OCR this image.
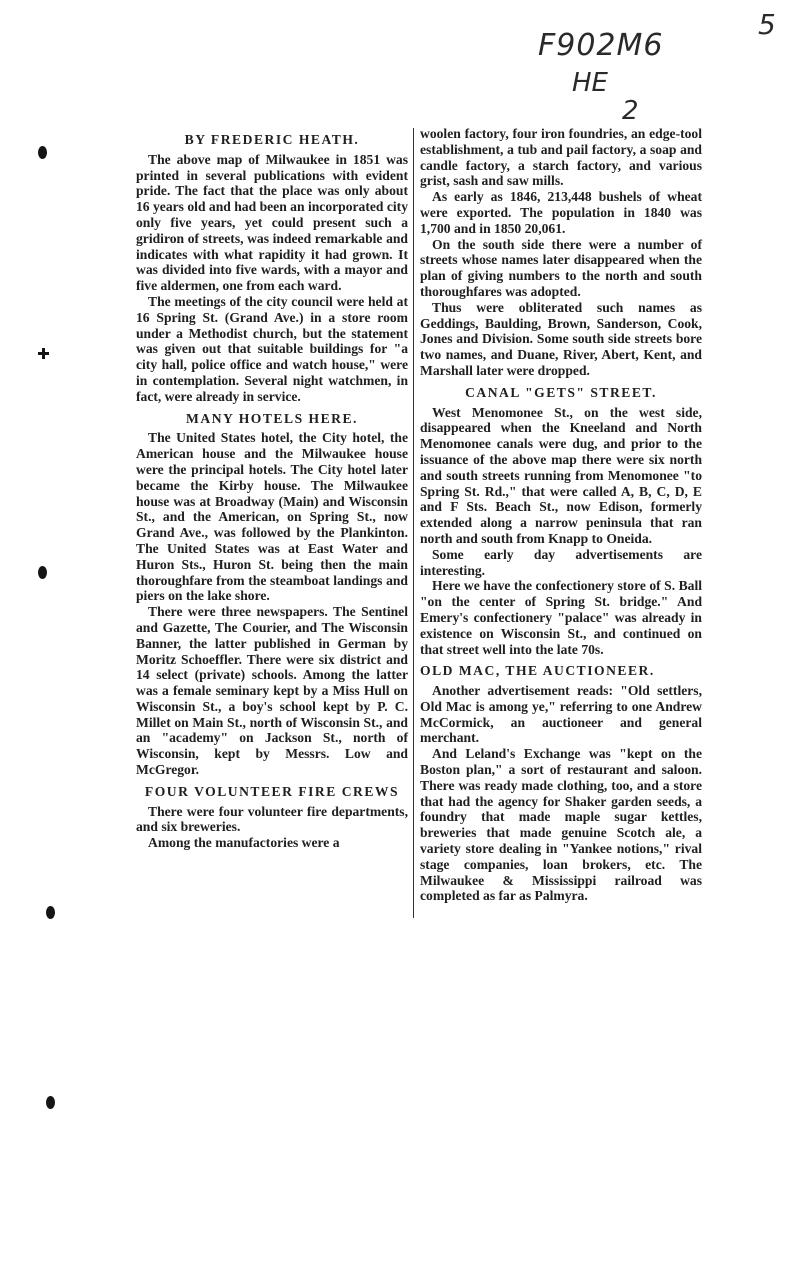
F902M6
HE
2
5
BY FREDERIC HEATH.

The above map of Milwaukee in 1851 was printed in several publications with evident pride. The fact that the place was only about 16 years old and had been an incorporated city only five years, yet could present such a gridiron of streets, was indeed remarkable and indicates with what rapidity it had grown. It was divided into five wards, with a mayor and five aldermen, one from each ward.

The meetings of the city council were held at 16 Spring St. (Grand Ave.) in a store room under a Methodist church, but the statement was given out that suitable buildings for "a city hall, police office and watch house," were in contemplation. Several night watchmen, in fact, were already in service.

MANY HOTELS HERE.

The United States hotel, the City hotel, the American house and the Milwaukee house were the principal hotels. The City hotel later became the Kirby house. The Milwaukee house was at Broadway (Main) and Wisconsin St., and the American, on Spring St., now Grand Ave., was followed by the Plankinton. The United States was at East Water and Huron Sts., Huron St. being then the main thoroughfare from the steamboat landings and piers on the lake shore.

There were three newspapers. The Sentinel and Gazette, The Courier, and The Wisconsin Banner, the latter published in German by Moritz Schoeffler. There were six district and 14 select (private) schools. Among the latter was a female seminary kept by a Miss Hull on Wisconsin St., a boy's school kept by P. C. Millet on Main St., north of Wisconsin St., and an "academy" on Jackson St., north of Wisconsin, kept by Messrs. Low and McGregor.

FOUR VOLUNTEER FIRE CREWS

There were four volunteer fire departments, and six breweries.

Among the manufactories were a

woolen factory, four iron foundries, an edge-tool establishment, a tub and pail factory, a soap and candle factory, a starch factory, and various grist, sash and saw mills.

As early as 1846, 213,448 bushels of wheat were exported. The population in 1840 was 1,700 and in 1850 20,061.

On the south side there were a number of streets whose names later disappeared when the plan of giving numbers to the north and south thoroughfares was adopted.

Thus were obliterated such names as Geddings, Baulding, Brown, Sanderson, Cook, Jones and Division. Some south side streets bore two names, and Duane, River, Abert, Kent, and Marshall later were dropped.

CANAL "GETS" STREET.

West Menomonee St., on the west side, disappeared when the Kneeland and North Menomonee canals were dug, and prior to the issuance of the above map there were six north and south streets running from Menomonee "to Spring St. Rd.," that were called A, B, C, D, E and F Sts. Beach St., now Edison, formerly extended along a narrow peninsula that ran north and south from Knapp to Oneida.

Some early day advertisements are interesting.

Here we have the confectionery store of S. Ball "on the center of Spring St. bridge." And Emery's confectionery "palace" was already in existence on Wisconsin St., and continued on that street well into the late 70s.

OLD MAC, THE AUCTIONEER.

Another advertisement reads: "Old settlers, Old Mac is among ye," referring to one Andrew McCormick, an auctioneer and general merchant.

And Leland's Exchange was "kept on the Boston plan," a sort of restaurant and saloon. There was ready made clothing, too, and a store that had the agency for Shaker garden seeds, a foundry that made maple sugar kettles, breweries that made genuine Scotch ale, a variety store dealing in "Yankee notions," rival stage companies, loan brokers, etc. The Milwaukee & Mississippi railroad was completed as far as Palmyra.
